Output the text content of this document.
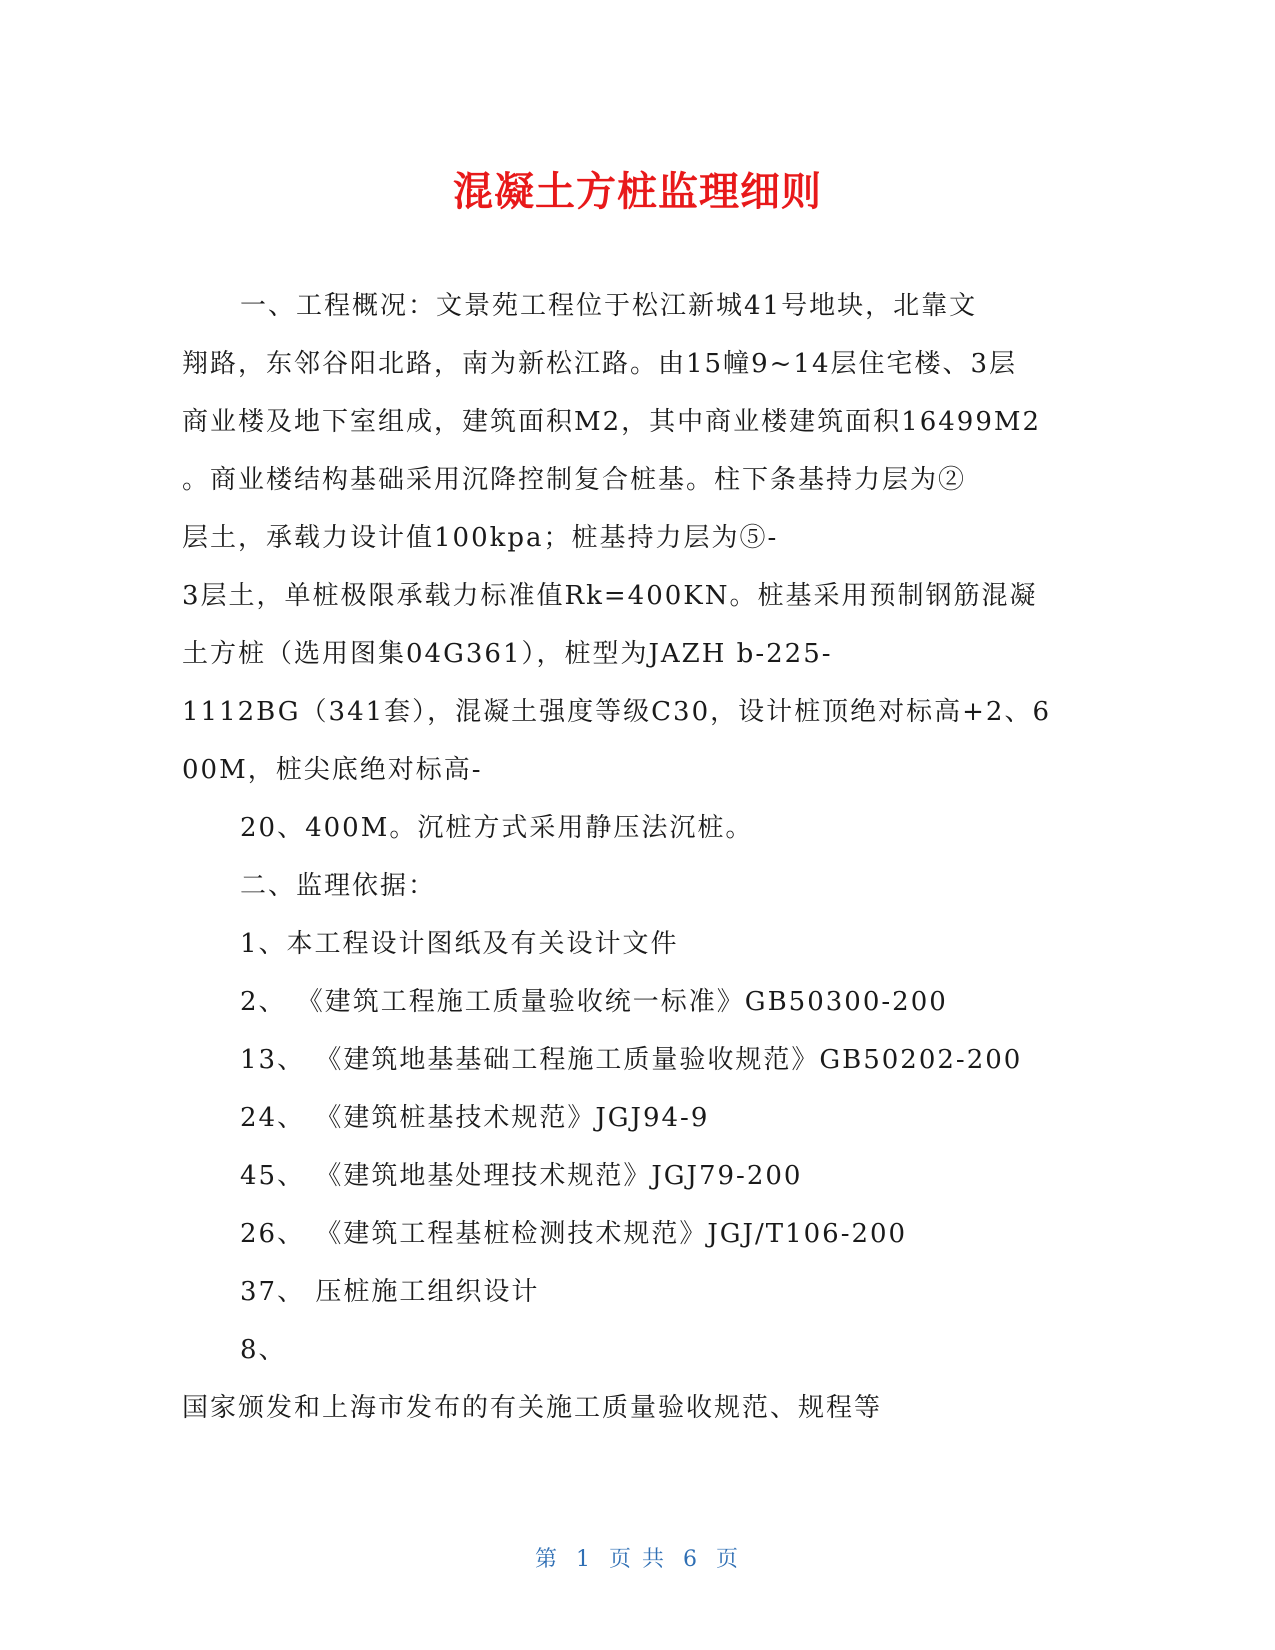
混凝土方桩监理细则
一、工程概况：文景苑工程位于松江新城41号地块，北靠文
翔路，东邻谷阳北路，南为新松江路。由15幢9~14层住宅楼、3层
商业楼及地下室组成，建筑面积M2，其中商业楼建筑面积16499M2
。商业楼结构基础采用沉降控制复合桩基。柱下条基持力层为②
层土，承载力设计值100kpa；桩基持力层为⑤-
3层土，单桩极限承载力标准值Rk=400KN。桩基采用预制钢筋混凝
土方桩（选用图集04G361），桩型为JAZH b-225-
1112BG（341套），混凝土强度等级C30，设计桩顶绝对标高+2、6
00M，桩尖底绝对标高-
20、400M。沉桩方式采用静压法沉桩。
二、监理依据：
1、本工程设计图纸及有关设计文件
2、 《建筑工程施工质量验收统一标准》GB50300-200
13、 《建筑地基基础工程施工质量验收规范》GB50202-200
24、 《建筑桩基技术规范》JGJ94-9
45、 《建筑地基处理技术规范》JGJ79-200
26、 《建筑工程基桩检测技术规范》JGJ/T106-200
37、 压桩施工组织设计
8、
国家颁发和上海市发布的有关施工质量验收规范、规程等
第 1 页 共 6 页
